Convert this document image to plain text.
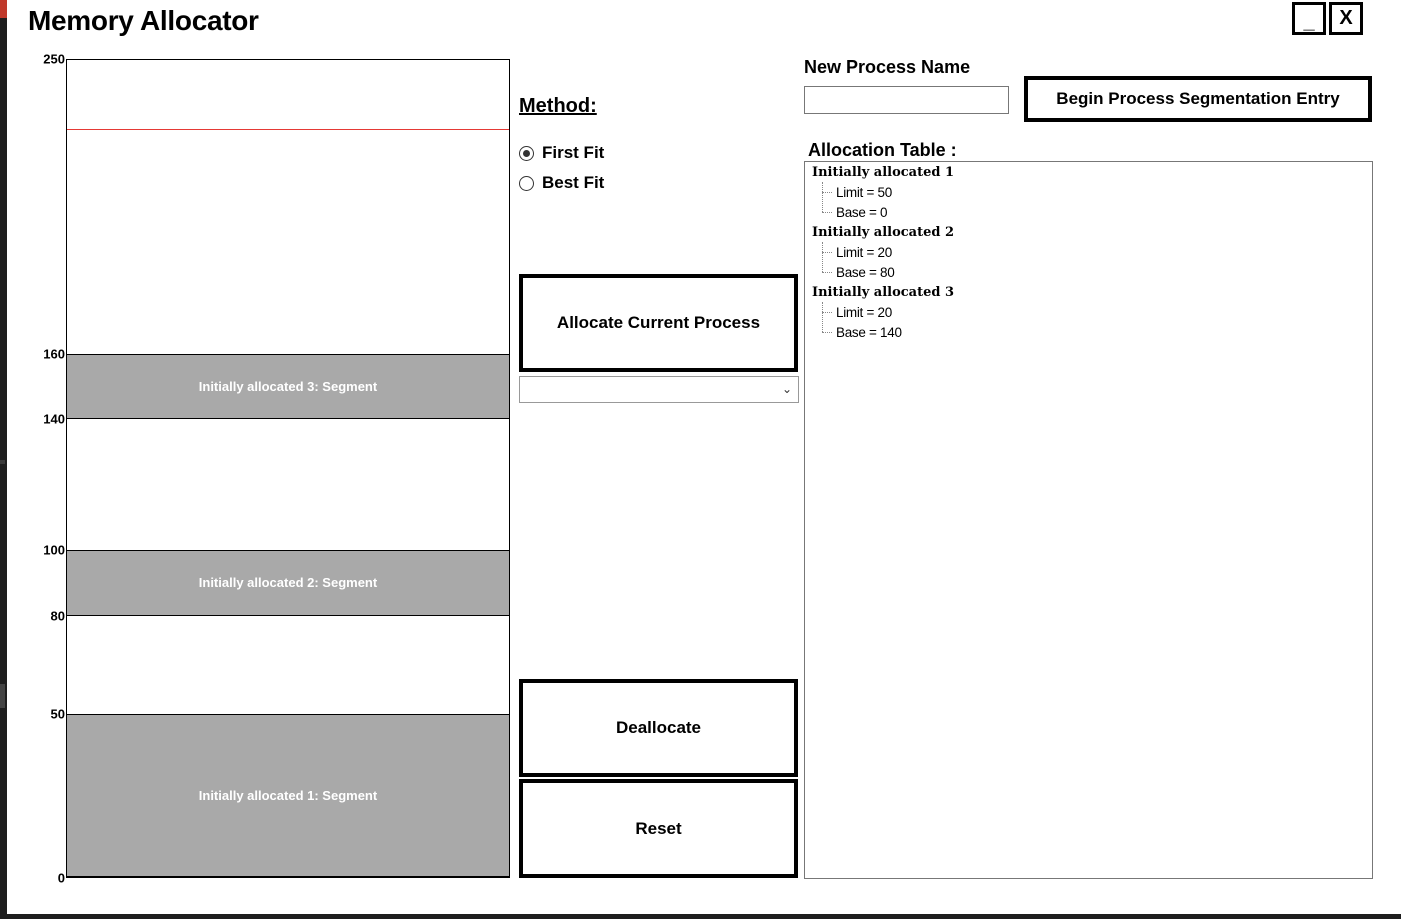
Memory Allocator	_ X
250
160
140
100
80
50
0
Initially allocated 3: Segment
Initially allocated 2: Segment
Initially allocated 1: Segment
Method:
First Fit
Best Fit
Allocate Current Process
⌄
Deallocate
Reset
New Process Name
Begin Process Segmentation Entry
Allocation Table :
Initially allocated 1
Limit = 50
Base = 0
Initially allocated 2
Limit = 20
Base = 80
Initially allocated 3
Limit = 20
Base = 140
